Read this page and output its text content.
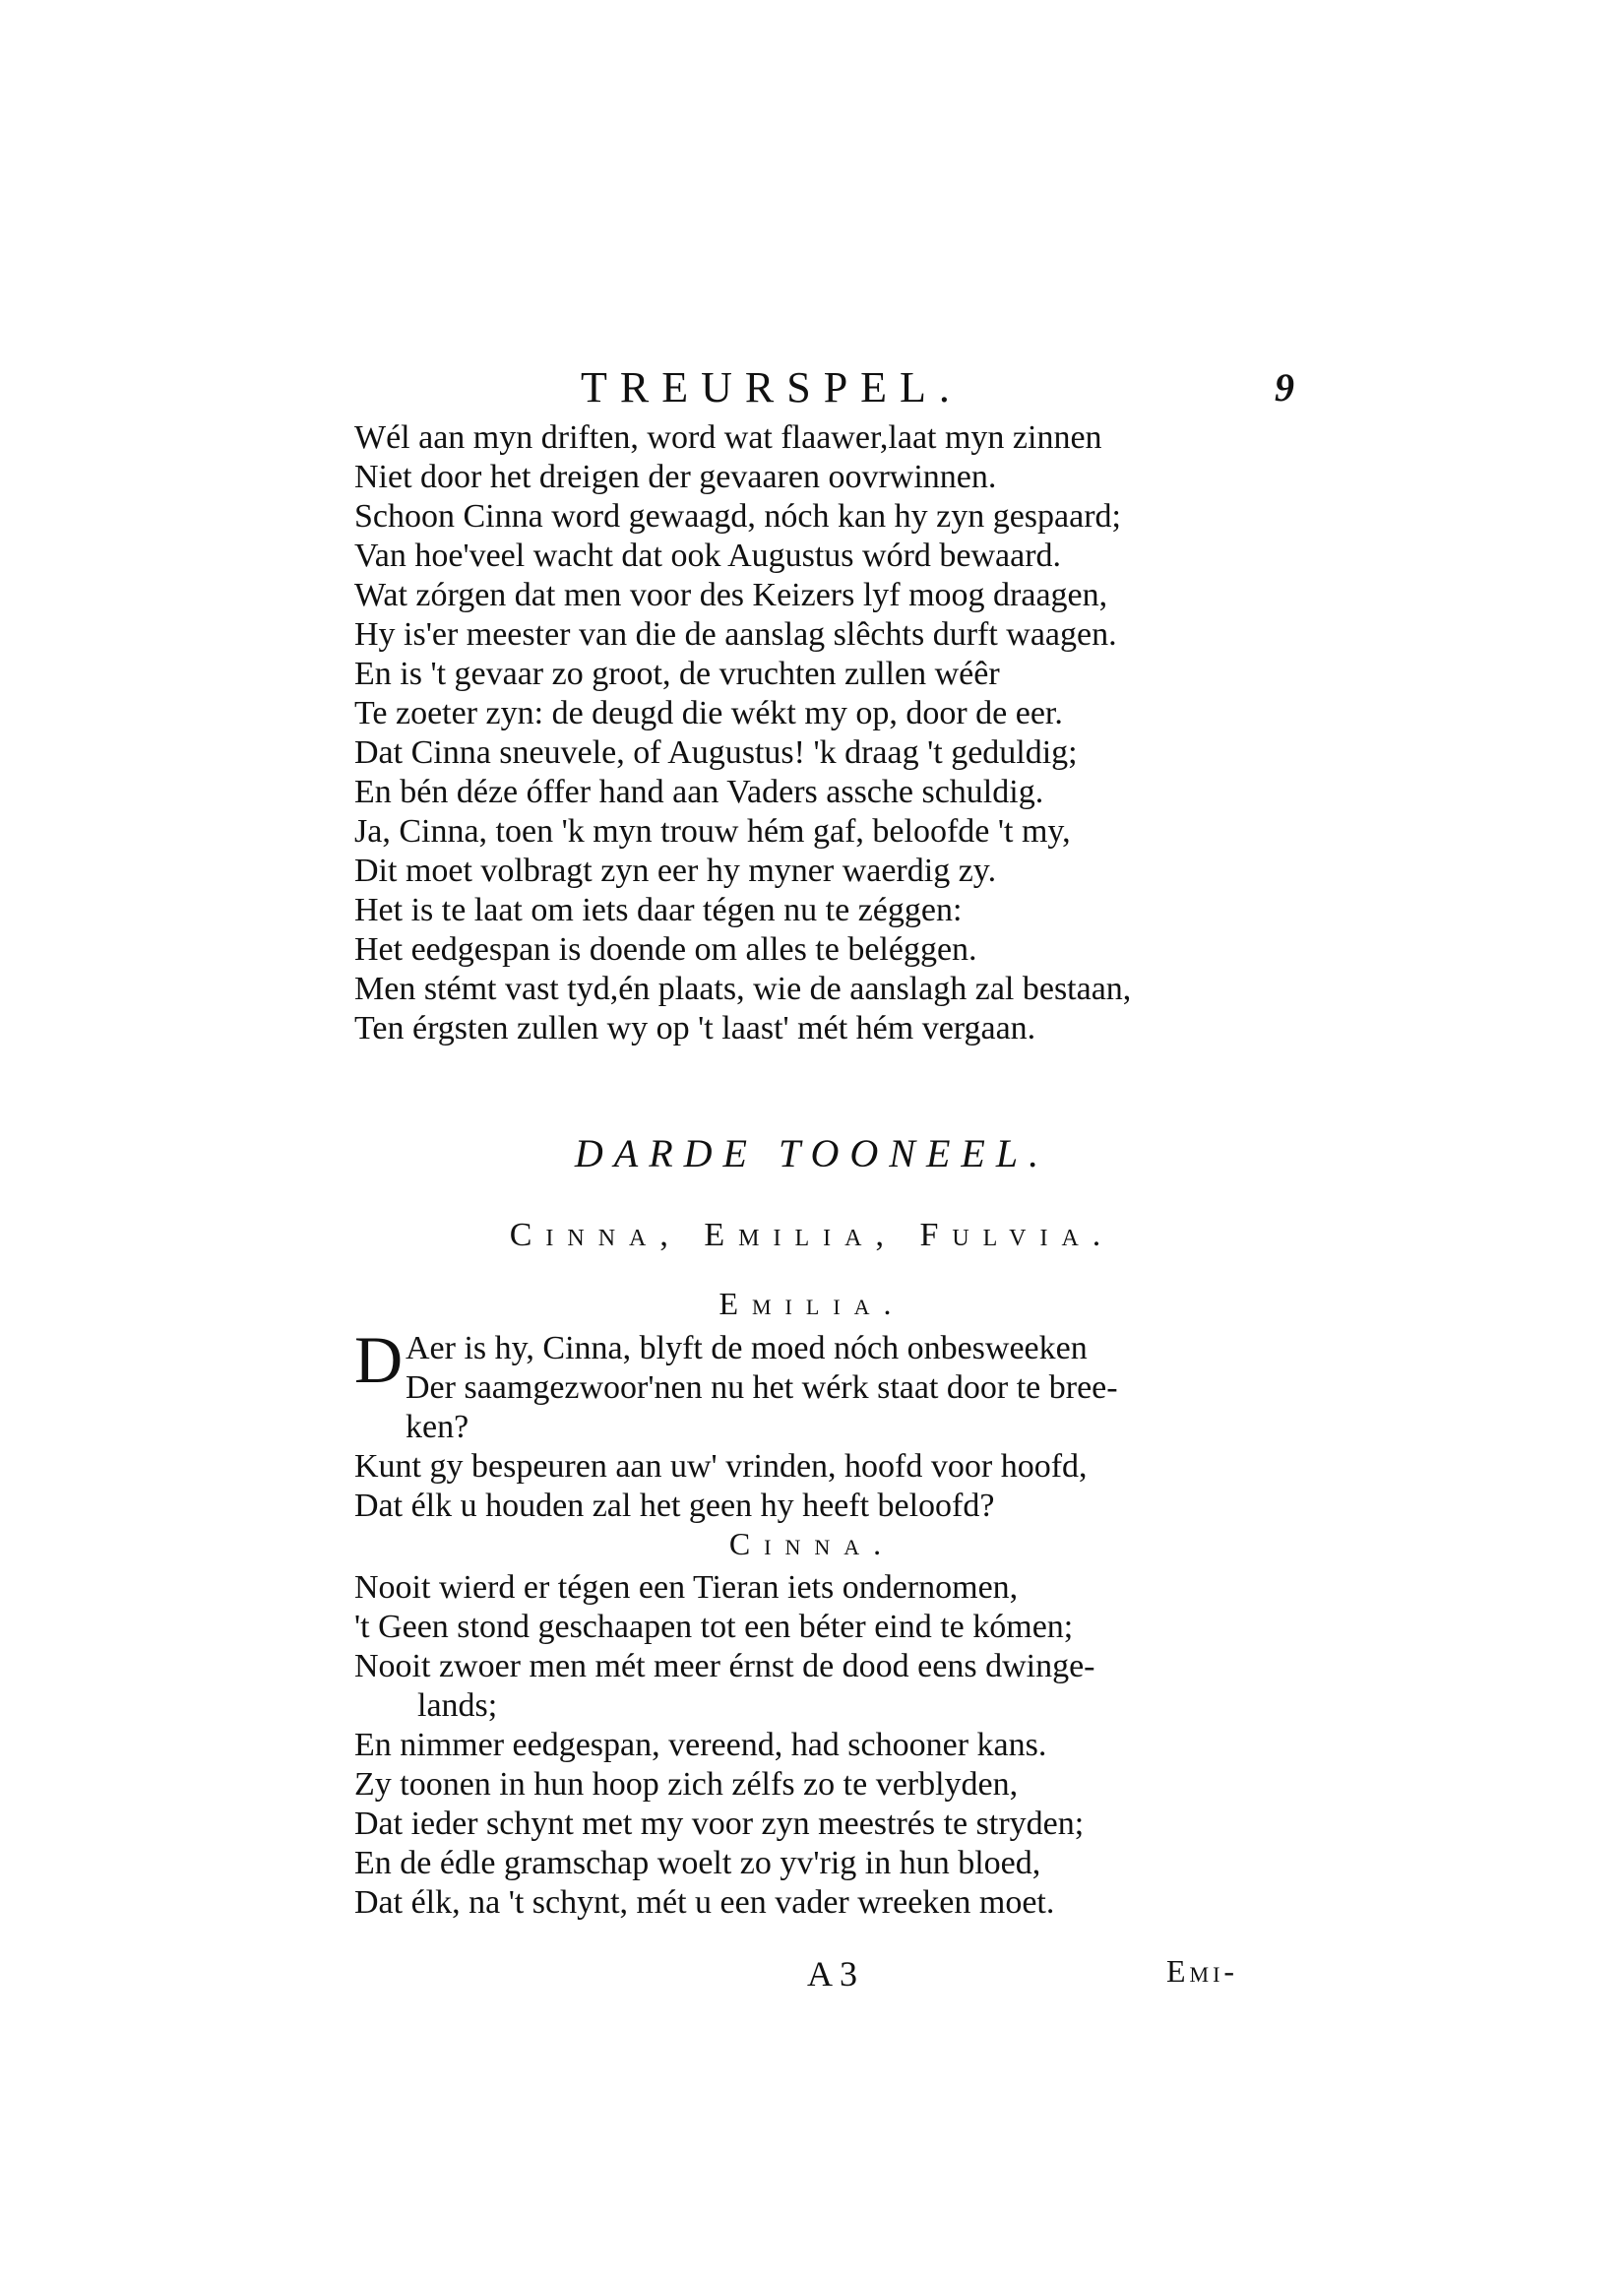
TREURSPEL.	9
Wél aan myn driften, word wat flaawer,laat myn zinnen
Niet door het dreigen der gevaaren oovrwinnen.
Schoon Cinna word gewaagd, nóch kan hy zyn gespaard;
Van hoe'veel wacht dat ook Augustus wórd bewaard.
Wat zórgen dat men voor des Keizers lyf moog draagen,
Hy is'er meester van die de aanslag slêchts durft waagen.
En is 't gevaar zo groot, de vruchten zullen wéêr
Te zoeter zyn: de deugd die wékt my op, door de eer.
Dat Cinna sneuvele, of Augustus! 'k draag 't geduldig;
En bén déze óffer hand aan Vaders assche schuldig.
Ja, Cinna, toen 'k myn trouw hém gaf, beloofde 't my,
Dit moet volbragt zyn eer hy myner waerdig zy.
Het is te laat om iets daar tégen nu te zéggen:
Het eedgespan is doende om alles te beléggen.
Men stémt vast tyd,én plaats, wie de aanslagh zal bestaan,
Ten érgsten zullen wy op 't laast' mét hém vergaan.
DARDE TOONEEL.
Cinna, Emilia, Fulvia.
Emilia.
D Aer is hy, Cinna, blyft de moed nóch onbesweeken
Der saamgezwoor'nen nu het wérk staat door te bree-
ken?
Kunt gy bespeuren aan uw' vrinden, hoofd voor hoofd,
Dat élk u houden zal het geen hy heeft beloofd?
Cinna.
Nooit wierd er tégen een Tieran iets ondernomen,
't Geen stond geschaapen tot een béter eind te kómen;
Nooit zwoer men mét meer érnst de dood eens dwinge-
lands;
En nimmer eedgespan, vereend, had schooner kans.
Zy toonen in hun hoop zich zélfs zo te verblyden,
Dat ieder schynt met my voor zyn meestrés te stryden;
En de édle gramschap woelt zo yv'rig in hun bloed,
Dat élk, na 't schynt, mét u een vader wreeken moet.
A 3	Emi-
